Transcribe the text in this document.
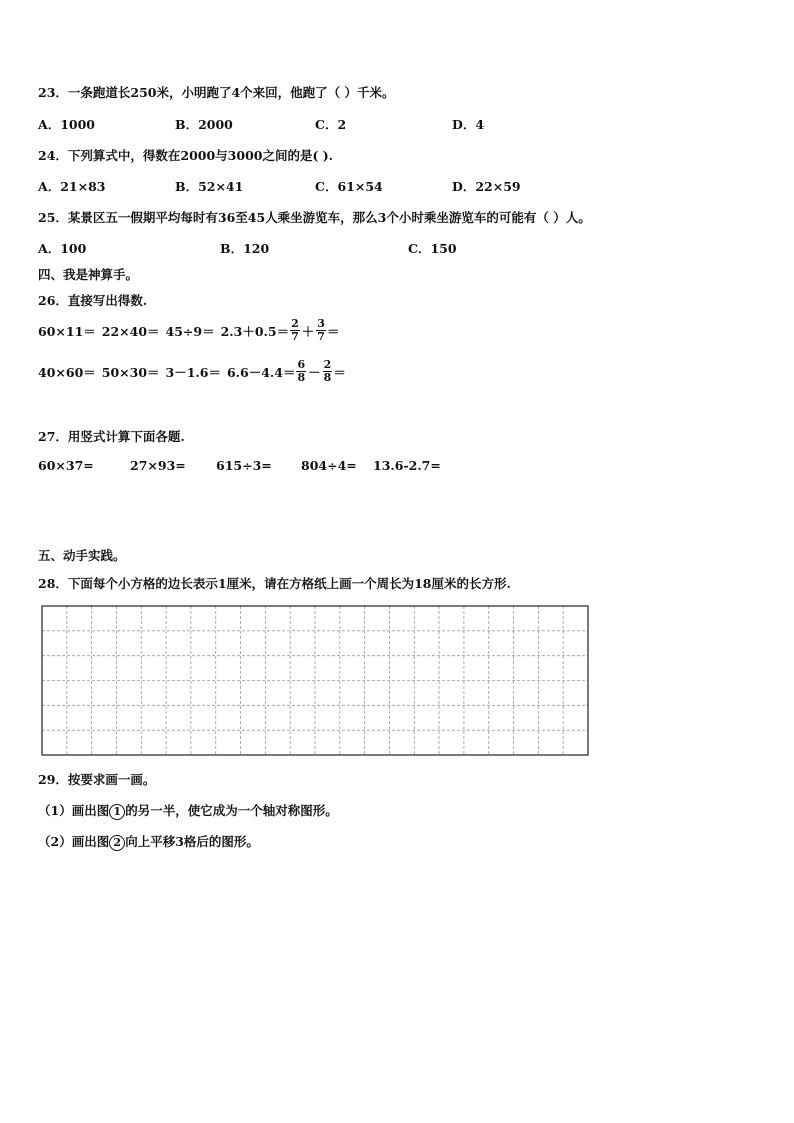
23．一条跑道长250米，小明跑了4个来回，他跑了（ ）千米。
A．1000	B．2000	C．2	D．4
24．下列算式中，得数在2000与3000之间的是( ).
A．21×83	B．52×41	C．61×54	D．22×59
25．某景区五一假期平均每时有36至45人乘坐游览车，那么3个小时乘坐游览车的可能有（ ）人。
A．100	B．120	C．150
四、我是神算手。
26．直接写出得数.
$60\times 11= 22\times 40= 45\div 9= 2.3+0.5= \frac{2}{7} + \frac{3}{7}$ ＝
$40\times 60= 50\times 30= 3-1.6= 6.6-4.4= \frac{6}{8} - \frac{2}{8}$ ＝
27．用竖式计算下面各题.
60×37=	27×93= 615÷3= 804÷4= 13.6-2.7=
五、动手实践。
28．下面每个小方格的边长表示1厘米，请在方格纸上画一个周长为18厘米的长方形.
29．按要求画一画。
（1）画出图 1 的另一半，使它成为一个轴对称图形。
（2）画出图 2 向上平移3格后的图形。
